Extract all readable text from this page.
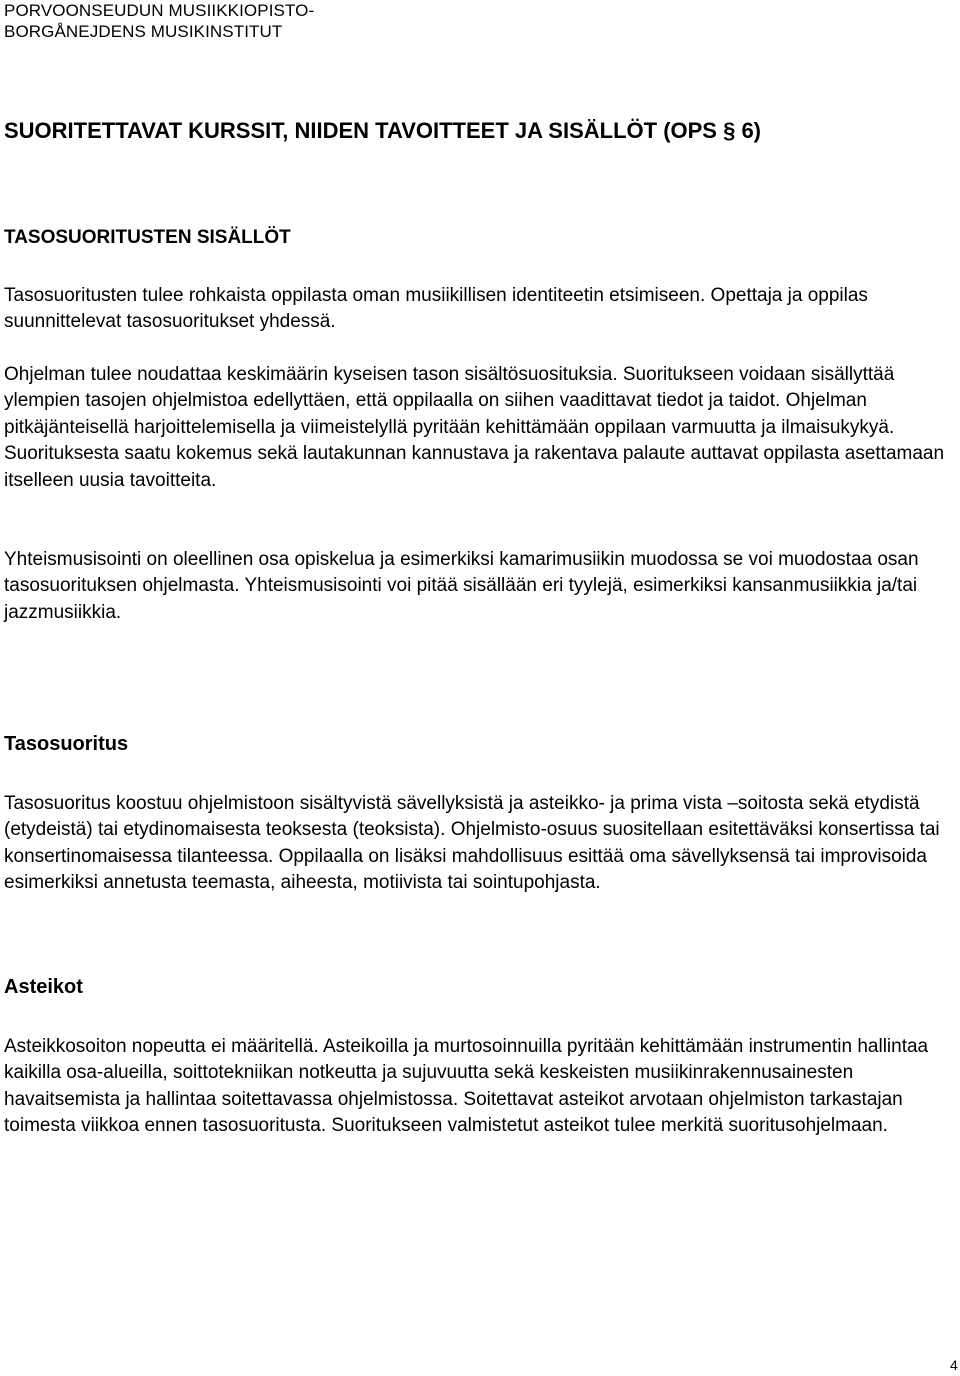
PORVOONSEUDUN MUSIIKKIOPISTO-
BORGÅNEJDENS MUSIKINSTITUT
SUORITETTAVAT KURSSIT, NIIDEN TAVOITTEET JA SISÄLLÖT (OPS § 6)
TASOSUORITUSTEN SISÄLLÖT

Tasosuoritusten tulee rohkaista oppilasta oman musiikillisen identiteetin etsimiseen. Opettaja ja oppilas suunnittelevat tasosuoritukset yhdessä.

Ohjelman tulee noudattaa keskimäärin kyseisen tason sisältösuosituksia. Suoritukseen voidaan sisällyttää ylempien tasojen ohjelmistoa edellyttäen, että oppilaalla on siihen vaadittavat tiedot ja taidot. Ohjelman pitkäjänteisellä harjoittelemisella ja viimeistelyllä pyritään kehittämään oppilaan varmuutta ja ilmaisukykyä. Suorituksesta saatu kokemus sekä lautakunnan kannustava ja rakentava palaute auttavat oppilasta asettamaan itselleen uusia tavoitteita.

Yhteismusisointi on oleellinen osa opiskelua ja esimerkiksi kamarimusiikin muodossa se voi muodostaa osan tasosuorituksen ohjelmasta. Yhteismusisointi voi pitää sisällään eri tyylejä, esimerkiksi kansanmusiikkia ja/tai jazzmusiikkia.

Tasosuoritus

Tasosuoritus koostuu ohjelmistoon sisältyvistä sävellyksistä ja asteikko- ja prima vista –soitosta sekä etydistä (etydeistä) tai etydinomaisesta teoksesta (teoksista). Ohjelmisto-osuus suositellaan esitettäväksi konsertissa tai konsertinomaisessa tilanteessa. Oppilaalla on lisäksi mahdollisuus esittää oma sävellyksensä tai improvisoida esimerkiksi annetusta teemasta, aiheesta, motiivista tai sointupohjasta.

Asteikot

Asteikkosoiton nopeutta ei määritellä. Asteikoilla ja murtosoinnuilla pyritään kehittämään instrumentin hallintaa kaikilla osa-alueilla, soittotekniikan notkeutta ja sujuvuutta sekä keskeisten musiikinrakennusainesten havaitsemista ja hallintaa soitettavassa ohjelmistossa. Soitettavat asteikot arvotaan ohjelmiston tarkastajan toimesta viikkoa ennen tasosuoritusta. Suoritukseen valmistetut asteikot tulee merkitä suoritusohjelmaan.

4
